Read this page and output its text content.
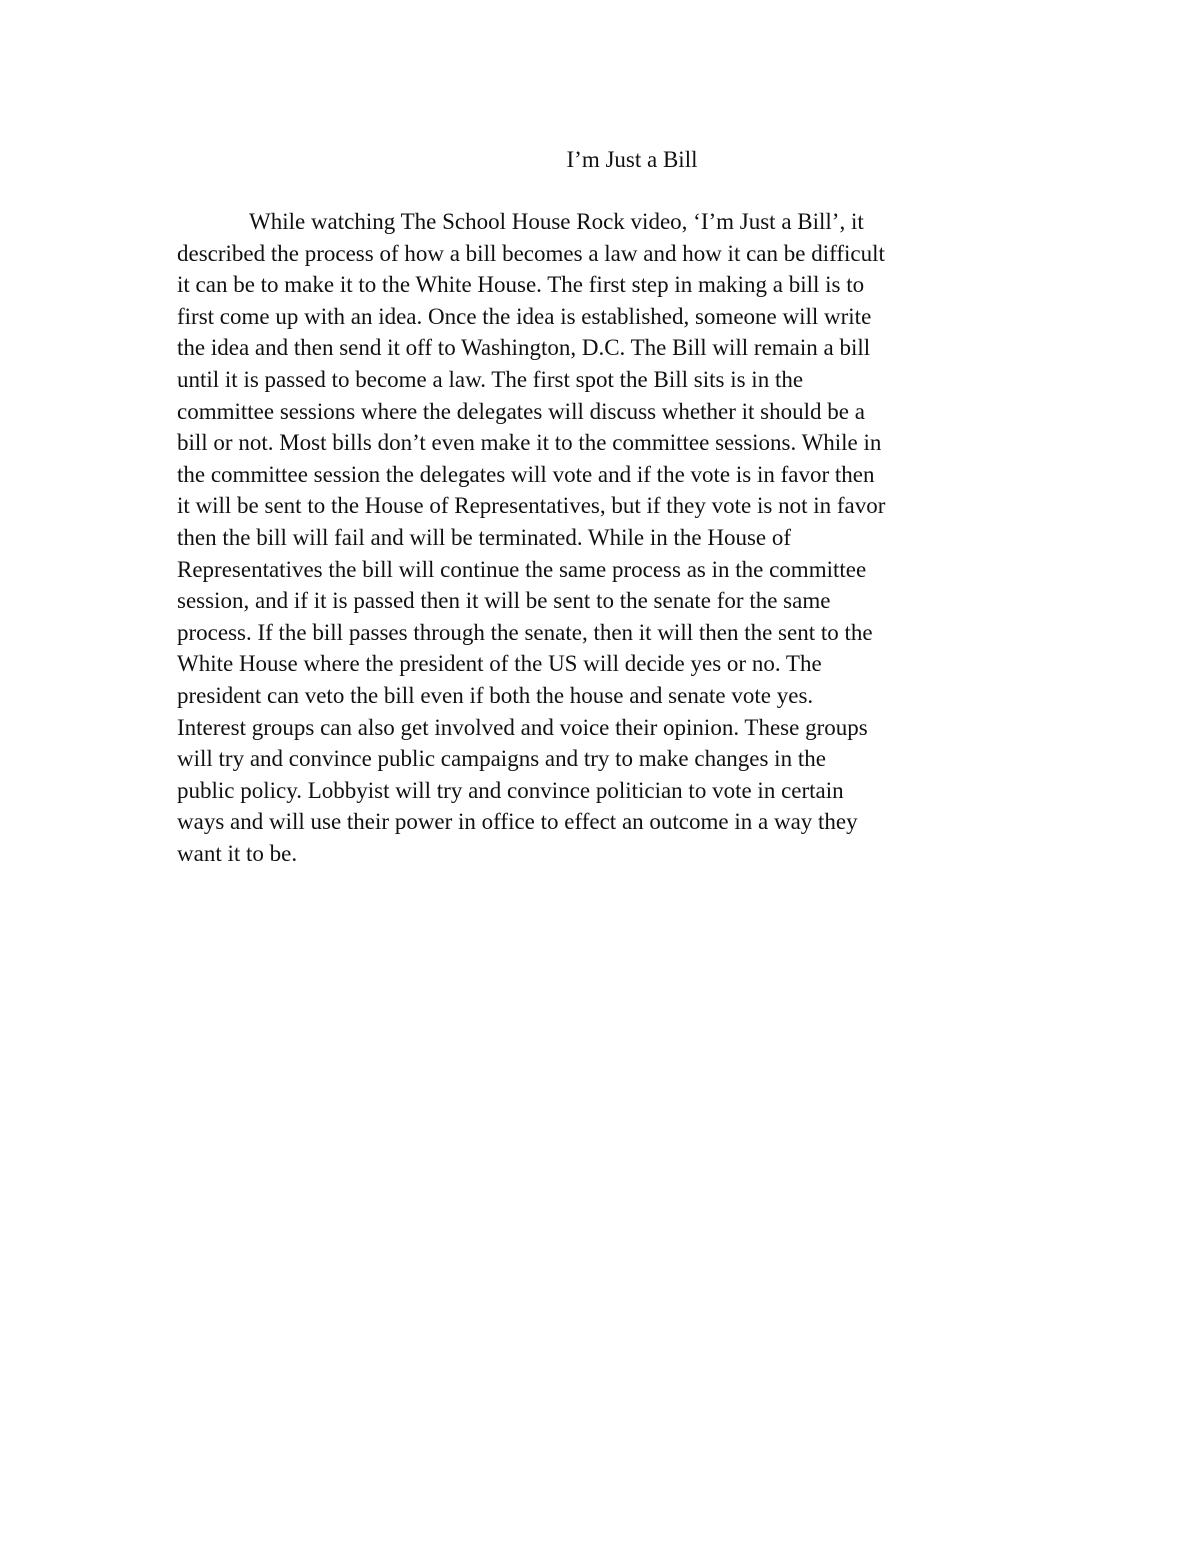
I’m Just a Bill
While watching The School House Rock video, ‘I’m Just a Bill’, it
described the process of how a bill becomes a law and how it can be difficult
it can be to make it to the White House. The first step in making a bill is to
first come up with an idea. Once the idea is established, someone will write
the idea and then send it off to Washington, D.C. The Bill will remain a bill
until it is passed to become a law. The first spot the Bill sits is in the
committee sessions where the delegates will discuss whether it should be a
bill or not. Most bills don’t even make it to the committee sessions. While in
the committee session the delegates will vote and if the vote is in favor then
it will be sent to the House of Representatives, but if they vote is not in favor
then the bill will fail and will be terminated. While in the House of
Representatives the bill will continue the same process as in the committee
session, and if it is passed then it will be sent to the senate for the same
process. If the bill passes through the senate, then it will then the sent to the
White House where the president of the US will decide yes or no. The
president can veto the bill even if both the house and senate vote yes.
Interest groups can also get involved and voice their opinion. These groups
will try and convince public campaigns and try to make changes in the
public policy. Lobbyist will try and convince politician to vote in certain
ways and will use their power in office to effect an outcome in a way they
want it to be.
